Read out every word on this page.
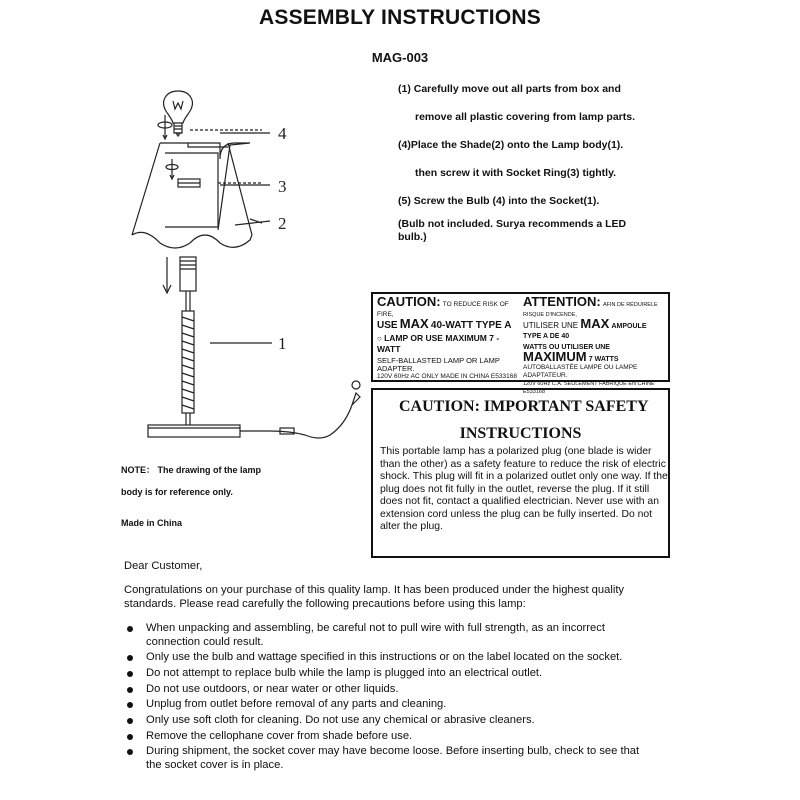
ASSEMBLY INSTRUCTIONS
MAG-003
(1) Carefully move out all parts from box and
remove all plastic covering from lamp parts.
(4)Place the Shade(2) onto the Lamp body(1).
then screw it with Socket Ring(3) tightly.
(5) Screw the Bulb (4) into the Socket(1).
(Bulb not included. Surya recommends a LED bulb.)
4
3
2
1
NOTE： The drawing of the lamp
body is for reference only.
Made in China
CAUTION: TO REDUCE RISK OF FIRE,
USE MAX 40-WATT TYPE A
○ LAMP OR USE MAXIMUM 7 -WATT
SELF-BALLASTED LAMP OR LAMP ADAPTER.
120V 60Hz AC ONLY MADE IN CHINA E533168
ATTENTION: AFIN DE RÉDUIRELE RISQUE D'INCENDE,
UTILISER UNE MAX AMPOULE TYPE A DE 40
WATTS OU UTILISER UNE MAXIMUM 7 WATTS
AUTOBALLASTÉE LAMPE OU LAMPE ADAPTATEUR.
120V 60Hz C.A. SEULEMENT FABRIQUÉ EN CHINE E533168
CAUTION: IMPORTANT SAFETY
INSTRUCTIONS
This portable lamp has a polarized plug (one blade is wider than the other) as a safety feature to reduce the risk of electric shock. This plug will fit in a polarized outlet only one way. If the plug does not fit fully in the outlet, reverse the plug. If it still does not fit, contact a qualified electrician. Never use with an extension cord unless the plug can be fully inserted. Do not alter the plug.
Dear Customer,
Congratulations on your purchase of this quality lamp. It has been produced under the highest quality standards. Please read carefully the following precautions before using this lamp:
When unpacking and assembling, be careful not to pull wire with full strength, as an incorrect connection could result.
Only use the bulb and wattage specified in this instructions or on the label located on the socket.
Do not attempt to replace bulb while the lamp is plugged into an electrical outlet.
Do not use outdoors, or near water or other liquids.
Unplug from outlet before removal of any parts and cleaning.
Only use soft cloth for cleaning. Do not use any chemical or abrasive cleaners.
Remove the cellophane cover from shade before use.
During shipment, the socket cover may have become loose. Before inserting bulb, check to see that the socket cover is in place.
